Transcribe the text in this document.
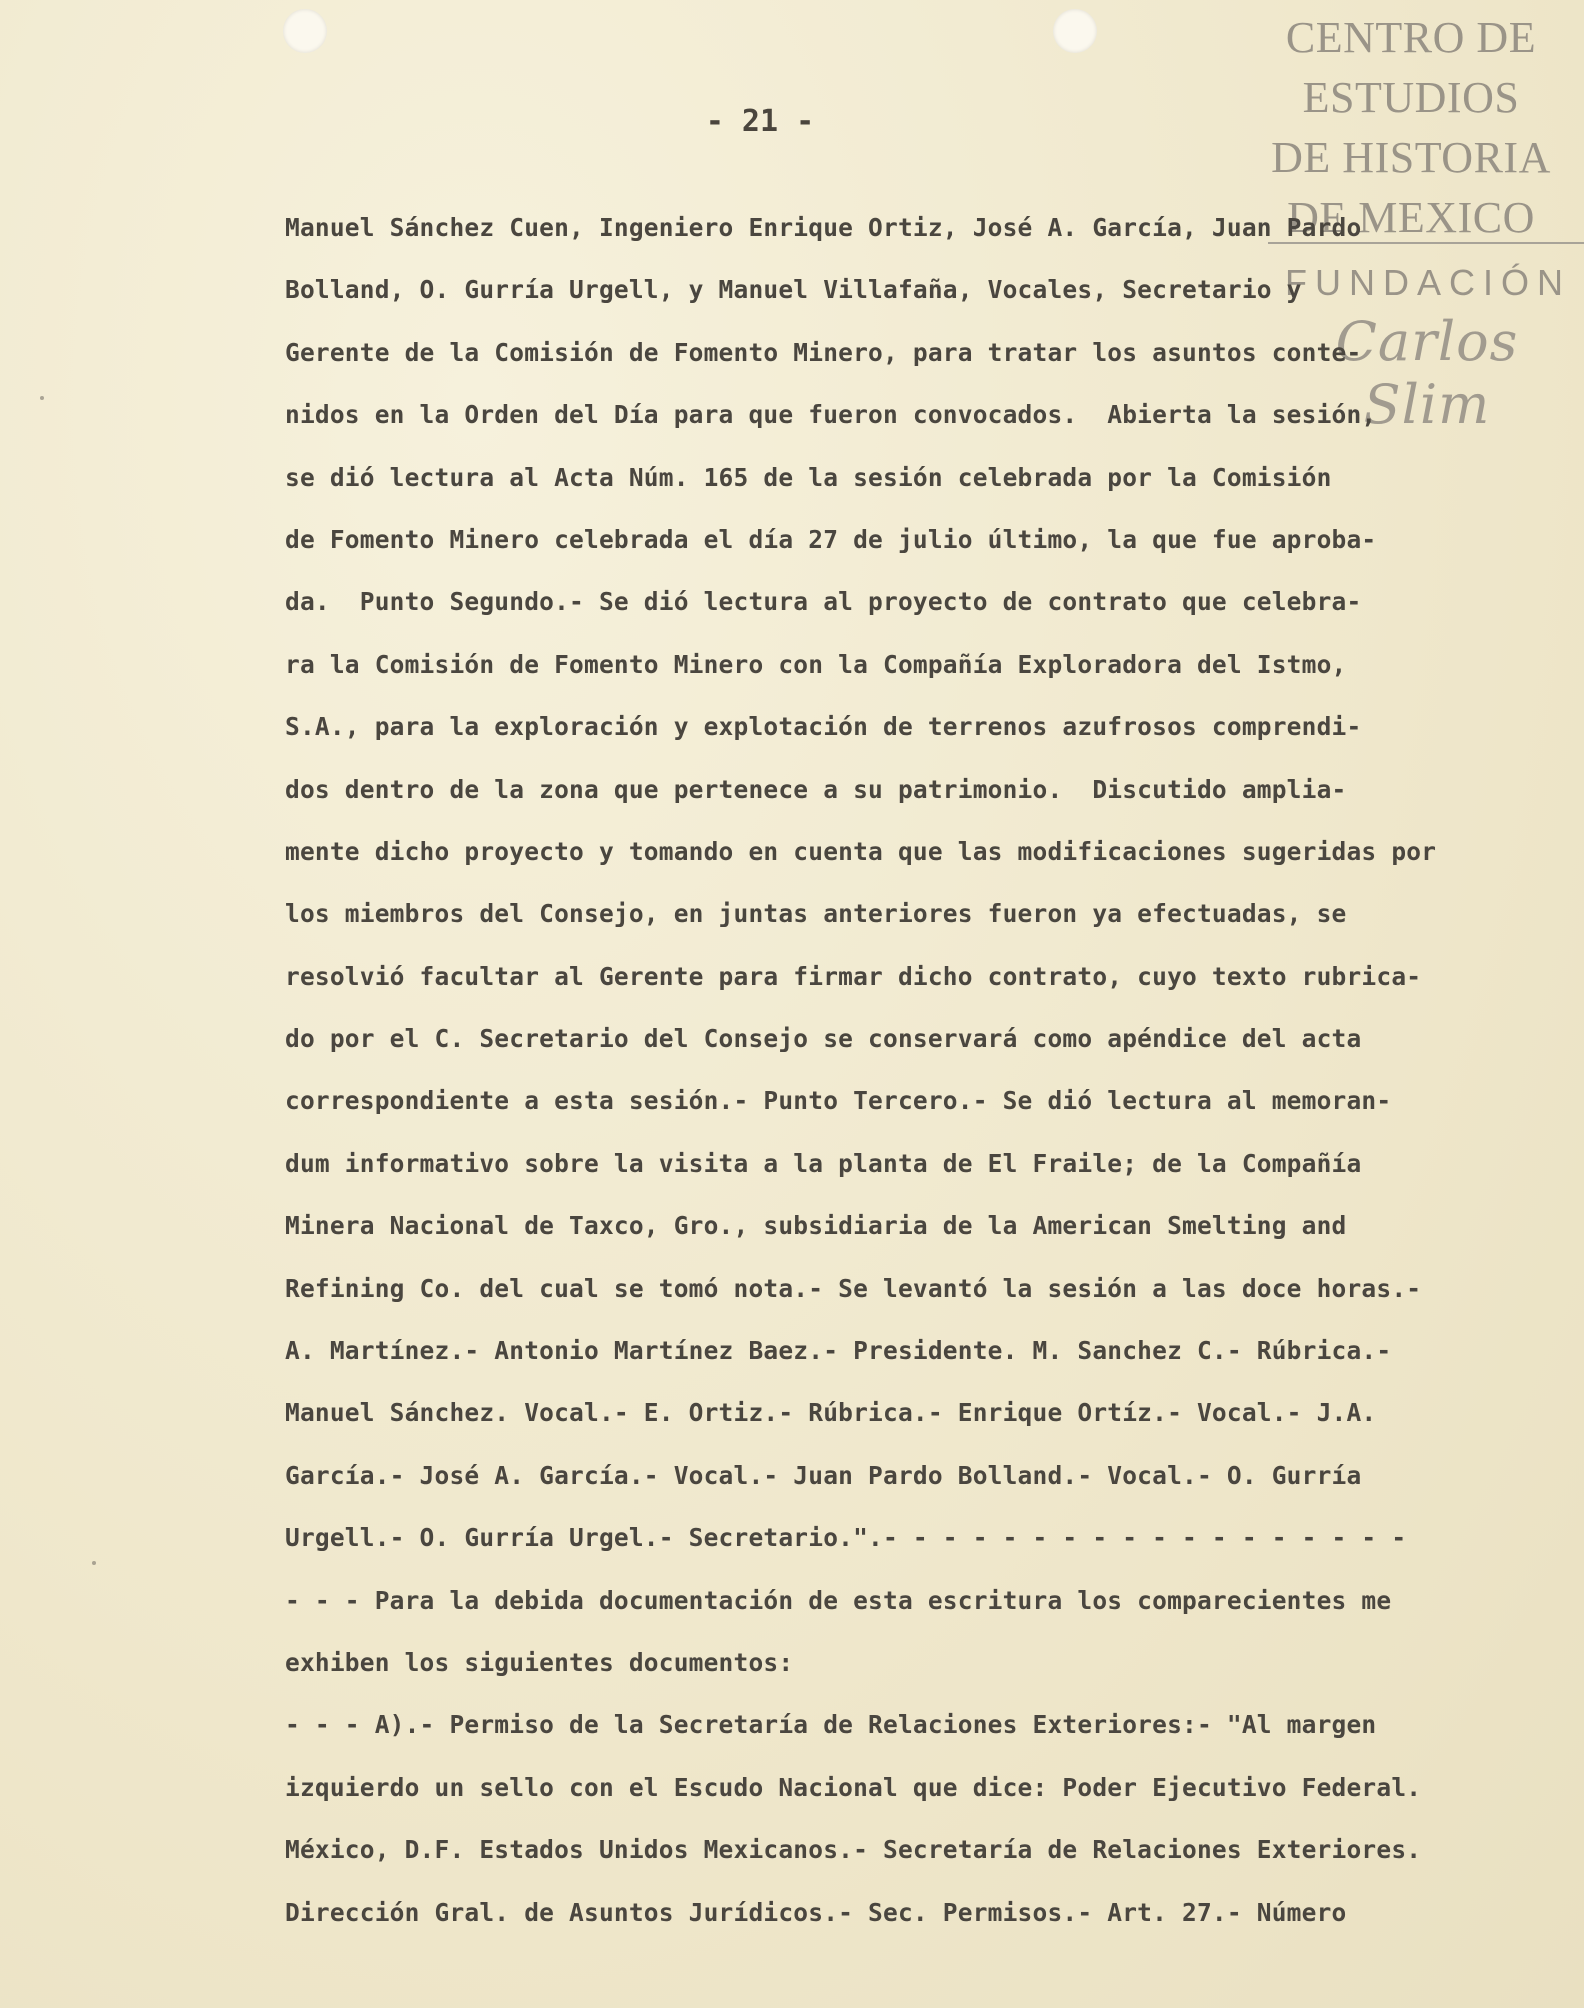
CENTRO DE
ESTUDIOS
DE HISTORIA
DE MEXICO
FUNDACIÓN
Carlos Slim
- 21 -
Manuel Sánchez Cuen, Ingeniero Enrique Ortiz, José A. García, Juan Pardo
Bolland, O. Gurría Urgell, y Manuel Villafaña, Vocales, Secretario y
Gerente de la Comisión de Fomento Minero, para tratar los asuntos conte-
nidos en la Orden del Día para que fueron convocados.  Abierta la sesión,
se dió lectura al Acta Núm. 165 de la sesión celebrada por la Comisión
de Fomento Minero celebrada el día 27 de julio último, la que fue aproba-
da.  Punto Segundo.- Se dió lectura al proyecto de contrato que celebra-
ra la Comisión de Fomento Minero con la Compañía Exploradora del Istmo,
S.A., para la exploración y explotación de terrenos azufrosos comprendi-
dos dentro de la zona que pertenece a su patrimonio.  Discutido amplia-
mente dicho proyecto y tomando en cuenta que las modificaciones sugeridas por
los miembros del Consejo, en juntas anteriores fueron ya efectuadas, se
resolvió facultar al Gerente para firmar dicho contrato, cuyo texto rubrica-
do por el C. Secretario del Consejo se conservará como apéndice del acta
correspondiente a esta sesión.- Punto Tercero.- Se dió lectura al memoran-
dum informativo sobre la visita a la planta de El Fraile; de la Compañía
Minera Nacional de Taxco, Gro., subsidiaria de la American Smelting and
Refining Co. del cual se tomó nota.- Se levantó la sesión a las doce horas.-
A. Martínez.- Antonio Martínez Baez.- Presidente. M. Sanchez C.- Rúbrica.-
Manuel Sánchez. Vocal.- E. Ortiz.- Rúbrica.- Enrique Ortíz.- Vocal.- J.A.
García.- José A. García.- Vocal.- Juan Pardo Bolland.- Vocal.- O. Gurría
Urgell.- O. Gurría Urgel.- Secretario.".- - - - - - - - - - - - - - - - - -
- - - Para la debida documentación de esta escritura los comparecientes me
exhiben los siguientes documentos:
- - - A).- Permiso de la Secretaría de Relaciones Exteriores:- "Al margen
izquierdo un sello con el Escudo Nacional que dice: Poder Ejecutivo Federal.
México, D.F. Estados Unidos Mexicanos.- Secretaría de Relaciones Exteriores.
Dirección Gral. de Asuntos Jurídicos.- Sec. Permisos.- Art. 27.- Número
